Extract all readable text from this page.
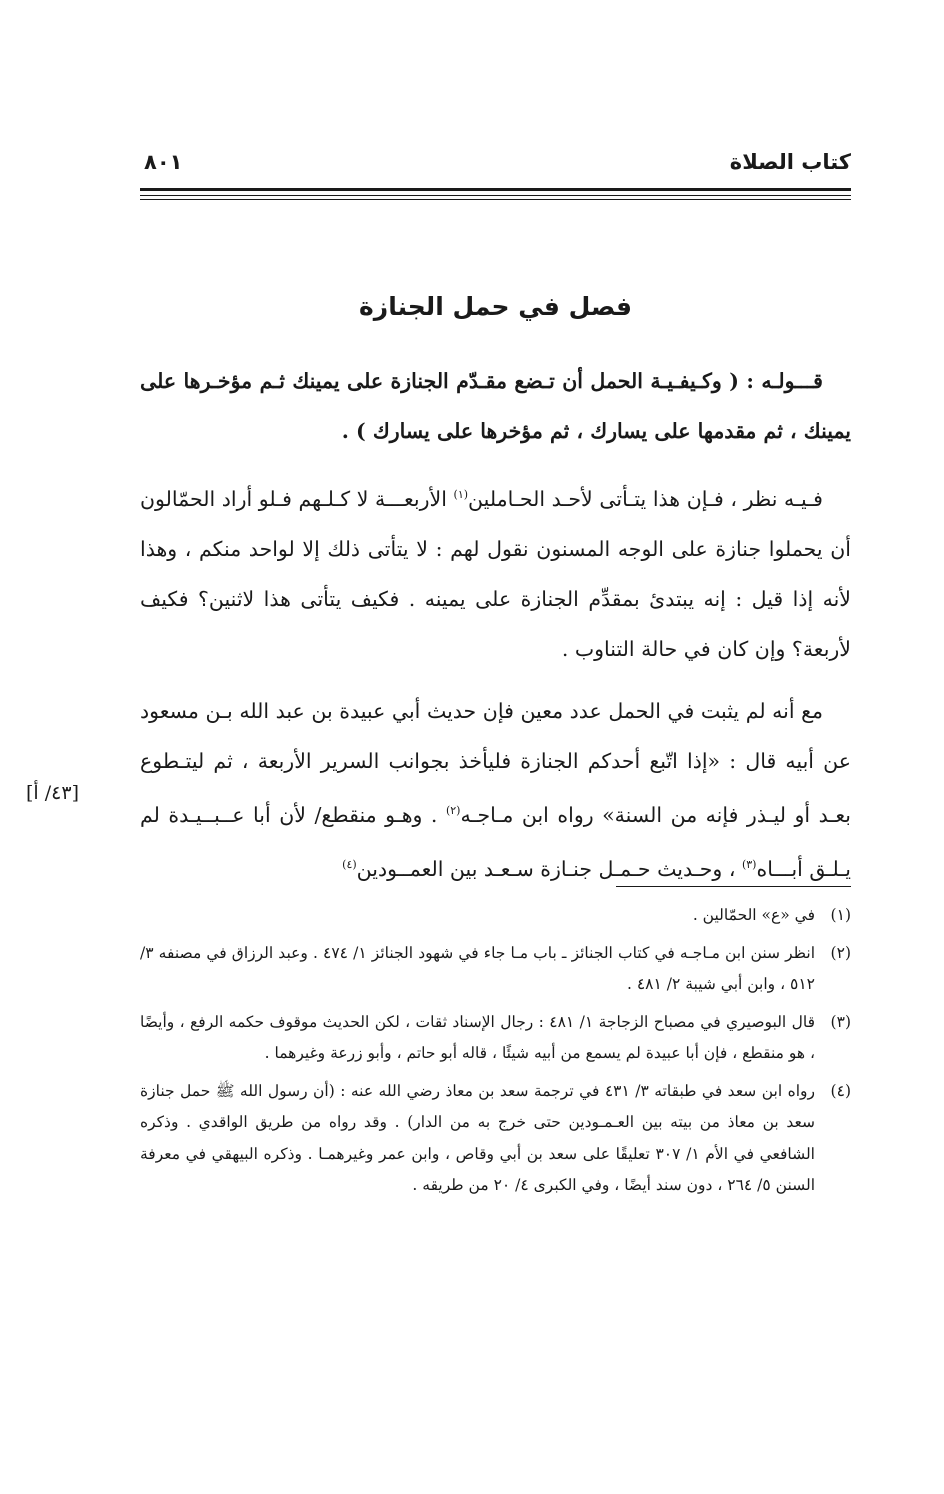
كتاب الصلاة
٨٠١
فصل في حمل الجنازة

قـــولـه : ( وكـيفـيـة الحمل أن تـضع مقـدّم الجنازة على يمينك ثـم مؤخـرها على يمينك ، ثم مقدمها على يسارك ، ثم مؤخرها على يسارك ) .

فـيـه نظر ، فـإن هذا يتـأتى لأحـد الحـاملين$^{(١)}$ الأربعـــة لا كـلـهم فـلو أراد الحمّالون أن يحملوا جنازة على الوجه المسنون نقول لهم : لا يتأتى ذلك إلا لواحد منكم ، وهذا لأنه إذا قيل : إنه يبتدئ بمقدِّم الجنازة على يمينه . فكيف يتأتى هذا لاثنين؟ فكيف لأربعة؟ وإن كان في حالة التناوب .

مع أنه لم يثبت في الحمل عدد معين فإن حديث أبي عبيدة بن عبد الله بـن مسعود عن أبيه قال : «إذا اتّبع أحدكم الجنازة فليأخذ بجوانب السرير الأربعة ، ثم ليتـطوع بعـد أو ليـذر فإنه من السنة» رواه ابن مـاجـه$^{(٢)}$ . وهـو منقطع/ لأن أبا عــبــيـدة لم يـلـق أبـــاه$^{(٣)}$ ، وحـديث حـمـل جنـازة سـعـد بين العمــودين$^{(٤)}$

[٤٣/ أ]
(١)
في «ع» الحمّالين .
(٢)
انظر سنن ابن مـاجـه في كتاب الجنائز ـ باب مـا جاء في شهود الجنائز ١/ ٤٧٤ . وعبد الرزاق في مصنفه ٣/ ٥١٢ ، وابن أبي شيبة ٢/ ٤٨١ .
(٣)
قال البوصيري في مصباح الزجاجة ١/ ٤٨١ : رجال الإسناد ثقات ، لكن الحديث موقوف حكمه الرفع ، وأيضًا ، هو منقطع ، فإن أبا عبيدة لم يسمع من أبيه شيئًا ، قاله أبو حاتم ، وأبو زرعة وغيرهما .
(٤)
رواه ابن سعد في طبقاته ٣/ ٤٣١ في ترجمة سعد بن معاذ رضي الله عنه : (أن رسول الله ﷺ حمل جنازة سعد بن معاذ من بيته بين العـمـودين حتى خرج به من الدار) . وقد رواه من طريق الواقدي . وذكره الشافعي في الأم ١/ ٣٠٧ تعليقًا على سعد بن أبي وقاص ، وابن عمر وغيرهمـا . وذكره البيهقي في معرفة السنن ٥/ ٢٦٤ ، دون سند أيضًا ، وفي الكبرى ٤/ ٢٠ من طريقه .
